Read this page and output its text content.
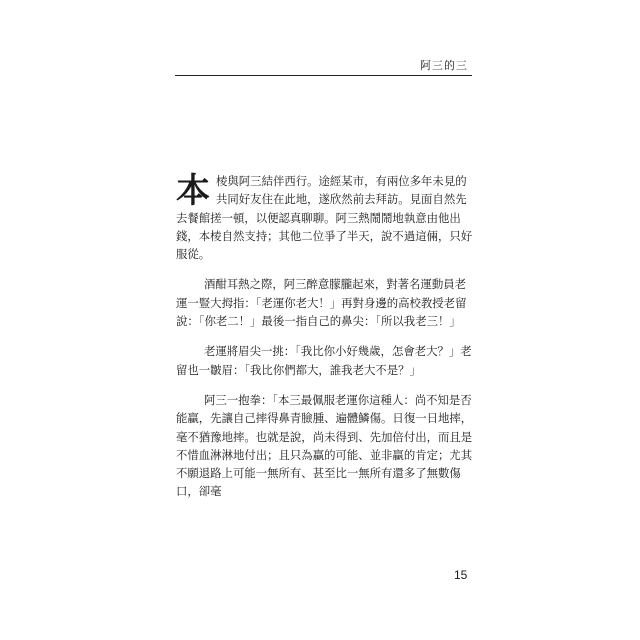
阿三的三

本棱與阿三結伴西行。途經某市，有兩位多年未見的共同好友住在此地，遂欣然前去拜訪。見面自然先去餐館搓一頓，以便認真聊聊。阿三熱鬧鬧地執意由他出錢，本棱自然支持；其他二位爭了半天，說不過這倆，只好服從。

酒酣耳熱之際，阿三醉意朦朧起來，對著名運動員老運一豎大拇指：「老運你老大！」再對身邊的高校教授老留說：「你老二！」最後一指自己的鼻尖：「所以我老三！」

老運將眉尖一挑：「我比你小好幾歲，怎會老大？」老留也一皺眉：「我比你們都大，誰我老大不是？」

阿三一抱拳：「本三最佩服老運你這種人：尚不知是否能贏，先讓自己摔得鼻青臉腫、遍體鱗傷。日復一日地摔，毫不猶豫地摔。也就是說，尚未得到、先加倍付出，而且是不惜血淋淋地付出；且只為贏的可能、並非贏的肯定；尤其不願退路上可能一無所有、甚至比一無所有還多了無數傷口，卻毫

15
